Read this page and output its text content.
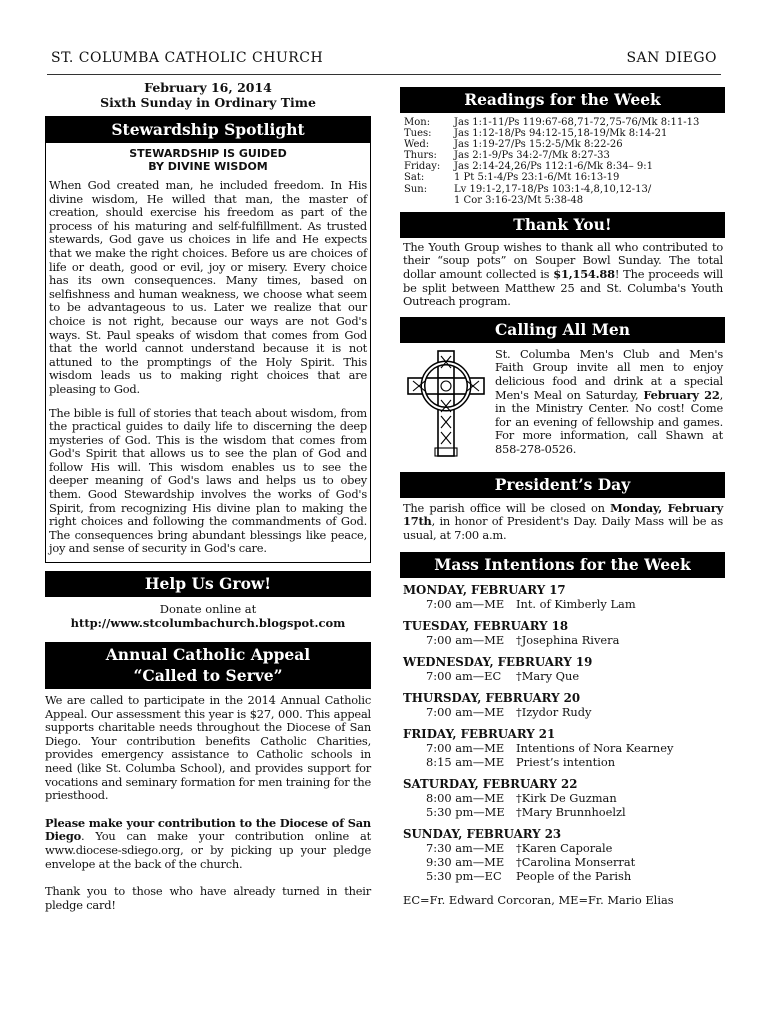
ST. COLUMBA CATHOLIC CHURCH	SAN DIEGO
February 16, 2014
Sixth Sunday in Ordinary Time
Stewardship Spotlight
STEWARDSHIP IS GUIDED
BY DIVINE WISDOM

When God created man, he included freedom. In His divine wisdom, He willed that man, the master of creation, should exercise his freedom as part of the process of his maturing and self-fulfillment. As trusted stewards, God gave us choices in life and He expects that we make the right choices. Before us are choices of life or death, good or evil, joy or misery. Every choice has its own consequences. Many times, based on selfishness and human weakness, we choose what seem to be advantageous to us. Later we realize that our choice is not right, because our ways are not God's ways. St. Paul speaks of wisdom that comes from God that the world cannot understand because it is not attuned to the promptings of the Holy Spirit. This wisdom leads us to making right choices that are pleasing to God.

The bible is full of stories that teach about wisdom, from the practical guides to daily life to discerning the deep mysteries of God. This is the wisdom that comes from God's Spirit that allows us to see the plan of God and follow His will. This wisdom enables us to see the deeper meaning of God's laws and helps us to obey them. Good Stewardship involves the works of God's Spirit, from recognizing His divine plan to making the right choices and following the commandments of God. The consequences bring abundant blessings like peace, joy and sense of security in God's care.

Help Us Grow!
Donate online at
http://www.stcolumbachurch.blogspot.com
Annual Catholic Appeal
“Called to Serve”

We are called to participate in the 2014 Annual Catholic Appeal. Our assessment this year is $27, 000. This appeal supports charitable needs throughout the Diocese of San Diego. Your contribution benefits Catholic Charities, provides emergency assistance to Catholic schools in need (like St. Columba School), and provides support for vocations and seminary formation for men training for the priesthood.

Please make your contribution to the Diocese of San Diego. You can make your contribution online at www.diocese-sdiego.org, or by picking up your pledge envelope at the back of the church.

Thank you to those who have already turned in their pledge card!

Readings for the Week
Mon:	Jas 1:1-11/Ps 119:67-68,71-72,75-76/Mk 8:11-13
Tues:	Jas 1:12-18/Ps 94:12-15,18-19/Mk 8:14-21
Wed:	Jas 1:19-27/Ps 15:2-5/Mk 8:22-26
Thurs:	Jas 2:1-9/Ps 34:2-7/Mk 8:27-33
Friday:	Jas 2:14-24,26/Ps 112:1-6/Mk 8:34– 9:1
Sat:	1 Pt 5:1-4/Ps 23:1-6/Mt 16:13-19
Sun:	Lv 19:1-2,17-18/Ps 103:1-4,8,10,12-13/
1 Cor 3:16-23/Mt 5:38-48
Thank You!

The Youth Group wishes to thank all who contributed to their “soup pots” on Souper Bowl Sunday. The total dollar amount collected is $1,154.88! The proceeds will be split between Matthew 25 and St. Columba's Youth Outreach program.

Calling All Men

St. Columba Men's Club and Men's Faith Group invite all men to enjoy delicious food and drink at a special Men's Meal on Saturday, February 22, in the Ministry Center. No cost! Come for an evening of fellowship and games. For more information, call Shawn at 858-278-0526.

President’s Day

The parish office will be closed on Monday, February 17th, in honor of President's Day. Daily Mass will be as usual, at 7:00 a.m.

Mass Intentions for the Week
MONDAY, FEBRUARY 17
7:00 am—ME	Int. of Kimberly Lam
TUESDAY, FEBRUARY 18
7:00 am—ME	†Josephina Rivera
WEDNESDAY, FEBRUARY 19
7:00 am—EC	†Mary Que
THURSDAY, FEBRUARY 20
7:00 am—ME	†Izydor Rudy
FRIDAY, FEBRUARY 21
7:00 am—ME	Intentions of Nora Kearney
8:15 am—ME	Priest’s intention
SATURDAY, FEBRUARY 22
8:00 am—ME	†Kirk De Guzman
5:30 pm—ME †Mary Brunnhoelzl
SUNDAY, FEBRUARY 23
7:30 am—ME	†Karen Caporale
9:30 am—ME	†Carolina Monserrat
5:30 pm—EC	People of the Parish
EC=Fr. Edward Corcoran, ME=Fr. Mario Elias
